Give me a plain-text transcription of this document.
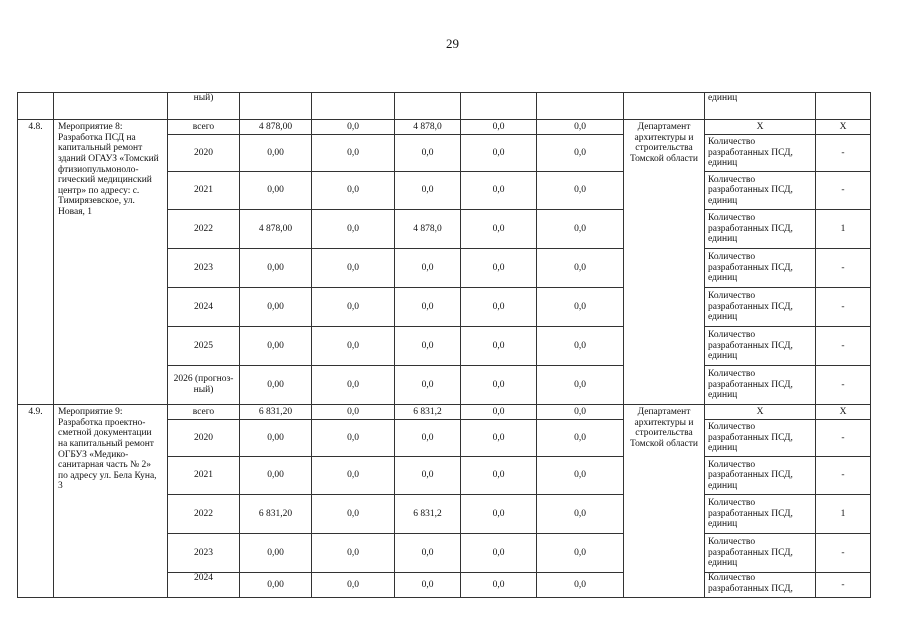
29
		ный)							единиц	
4.8.	Мероприятие 8: Разработка ПСД на капитальный ремонт зданий ОГАУЗ «Томский фтизиопульмоноло-гический медицинский центр» по адресу: с. Тимирязевское, ул. Новая, 1	всего	4 878,00	0,0	4 878,0	0,0	0,0	Департамент архитектуры и строительства Томской области	X	X
		2020	0,00	0,0	0,0	0,0	0,0		Количество разработанных ПСД, единиц	-
		2021	0,00	0,0	0,0	0,0	0,0		Количество разработанных ПСД, единиц	-
		2022	4 878,00	0,0	4 878,0	0,0	0,0		Количество разработанных ПСД, единиц	1
		2023	0,00	0,0	0,0	0,0	0,0		Количество разработанных ПСД, единиц	-
		2024	0,00	0,0	0,0	0,0	0,0		Количество разработанных ПСД, единиц	-
		2025	0,00	0,0	0,0	0,0	0,0		Количество разработанных ПСД, единиц	-
		2026 (прогноз-ный)	0,00	0,0	0,0	0,0	0,0		Количество разработанных ПСД, единиц	-
4.9.	Мероприятие 9: Разработка проектно-сметной документации на капитальный ремонт ОГБУЗ «Медико-санитарная часть № 2» по адресу ул. Бела Куна, 3	всего	6 831,20	0,0	6 831,2	0,0	0,0	Департамент архитектуры и строительства Томской области	X	X
		2020	0,00	0,0	0,0	0,0	0,0		Количество разработанных ПСД, единиц	-
		2021	0,00	0,0	0,0	0,0	0,0		Количество разработанных ПСД, единиц	-
		2022	6 831,20	0,0	6 831,2	0,0	0,0		Количество разработанных ПСД, единиц	1
		2023	0,00	0,0	0,0	0,0	0,0		Количество разработанных ПСД, единиц	-
		2024	0,00	0,0	0,0	0,0	0,0		Количество разработанных ПСД,	-
